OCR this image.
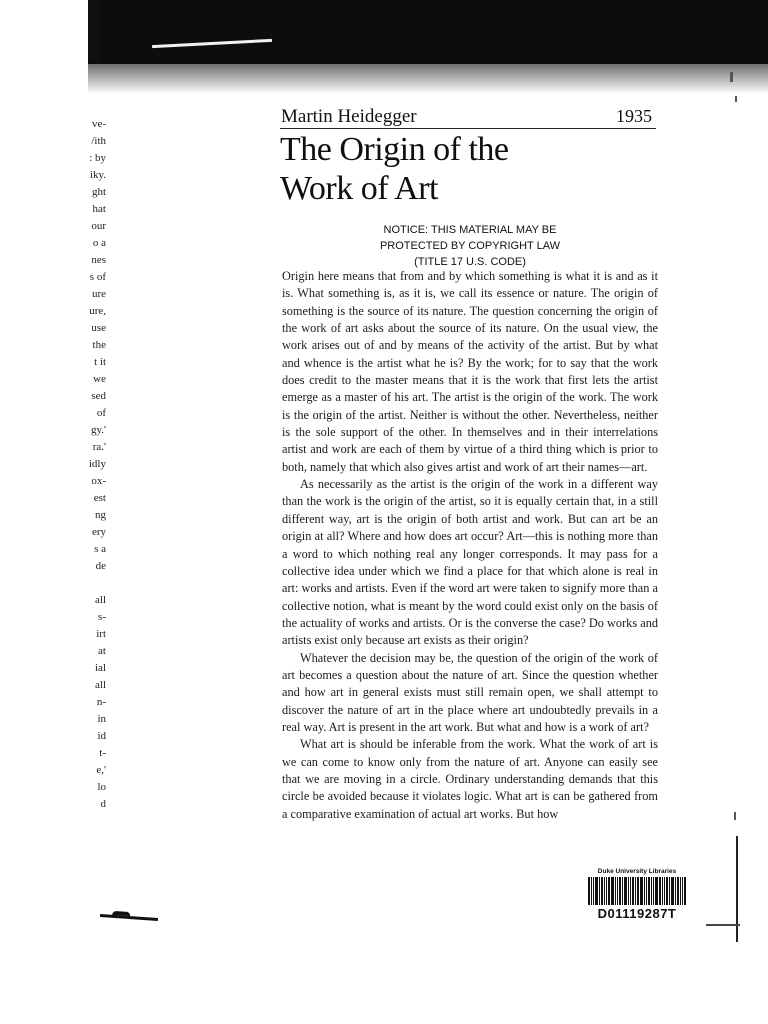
ve-
/ith
: by
iky.
ght
hat
our
o a
nes
s of
ure
ure,
use
the
t it
we
sed
of
gy.'
ra.'
idly
ox-
est
ng
ery
s a
de
all
s-
irt
at
ial
all
n-
in
id
t-
e,'
lo
d
Martin Heidegger	1935
The Origin of the
Work of Art
NOTICE: THIS MATERIAL MAY BE
PROTECTED BY COPYRIGHT LAW
(TITLE 17 U.S. CODE)

Origin here means that from and by which something is what it is and as it is. What something is, as it is, we call its essence or nature. The origin of something is the source of its nature. The question concerning the origin of the work of art asks about the source of its nature. On the usual view, the work arises out of and by means of the activity of the artist. But by what and whence is the artist what he is? By the work; for to say that the work does credit to the master means that it is the work that first lets the artist emerge as a master of his art. The artist is the origin of the work. The work is the origin of the artist. Neither is without the other. Nevertheless, neither is the sole support of the other. In themselves and in their interrelations artist and work are each of them by virtue of a third thing which is prior to both, namely that which also gives artist and work of art their names—art.

As necessarily as the artist is the origin of the work in a different way than the work is the origin of the artist, so it is equally certain that, in a still different way, art is the origin of both artist and work. But can art be an origin at all? Where and how does art occur? Art—this is nothing more than a word to which nothing real any longer corresponds. It may pass for a collective idea under which we find a place for that which alone is real in art: works and artists. Even if the word art were taken to signify more than a collective notion, what is meant by the word could exist only on the basis of the actuality of works and artists. Or is the converse the case? Do works and artists exist only because art exists as their origin?

Whatever the decision may be, the question of the origin of the work of art becomes a question about the nature of art. Since the question whether and how art in general exists must still remain open, we shall attempt to discover the nature of art in the place where art undoubtedly prevails in a real way. Art is present in the art work. But what and how is a work of art?

What art is should be inferable from the work. What the work of art is we can come to know only from the nature of art. Anyone can easily see that we are moving in a circle. Ordinary understanding demands that this circle be avoided because it violates logic. What art is can be gathered from a comparative examination of actual art works. But how

Duke University Libraries
D01119287T
